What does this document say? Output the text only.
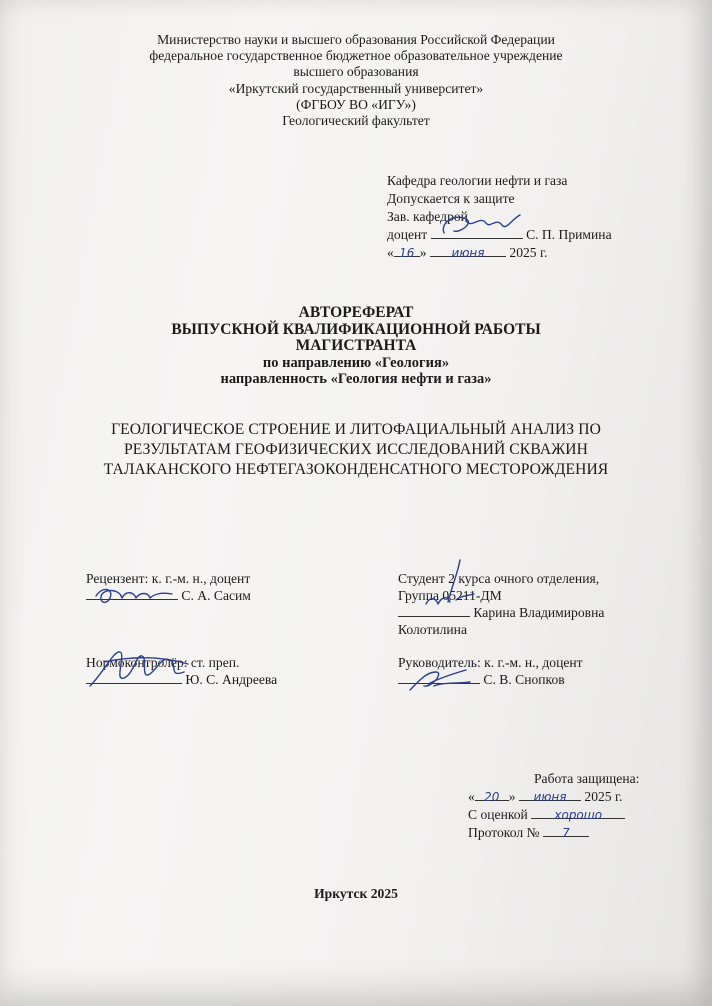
Министерство науки и высшего образования Российской Федерации
федеральное государственное бюджетное образовательное учреждение
высшего образования
«Иркутский государственный университет»
(ФГБОУ ВО «ИГУ»)
Геологический факультет
Кафедра геологии нефти и газа
Допускается к защите
Зав. кафедрой
доцент	С. П. Примина
« 16 » июня 2025 г.
АВТОРЕФЕРАТ
ВЫПУСКНОЙ КВАЛИФИКАЦИОННОЙ РАБОТЫ
МАГИСТРАНТА
по направлению «Геология»
направленность «Геология нефти и газа»
ГЕОЛОГИЧЕСКОЕ СТРОЕНИЕ И ЛИТОФАЦИАЛЬНЫЙ АНАЛИЗ ПО
РЕЗУЛЬТАТАМ ГЕОФИЗИЧЕСКИХ ИССЛЕДОВАНИЙ СКВАЖИН
ТАЛАКАНСКОГО НЕФТЕГАЗОКОНДЕНСАТНОГО МЕСТОРОЖДЕНИЯ
Рецензент: к. г.-м. н., доцент
С. А. Сасим
Нормоконтролёр: ст. преп.
Ю. С. Андреева
Студент 2 курса очного отделения,
Группа 05211-ДМ
Карина Владимировна
Колотилина
Руководитель: к. г.-м. н., доцент
С. В. Снопков
Работа защищена:
« 20 » июня 2025 г.
С оценкой хорошо
Протокол № 7
Иркутск 2025
